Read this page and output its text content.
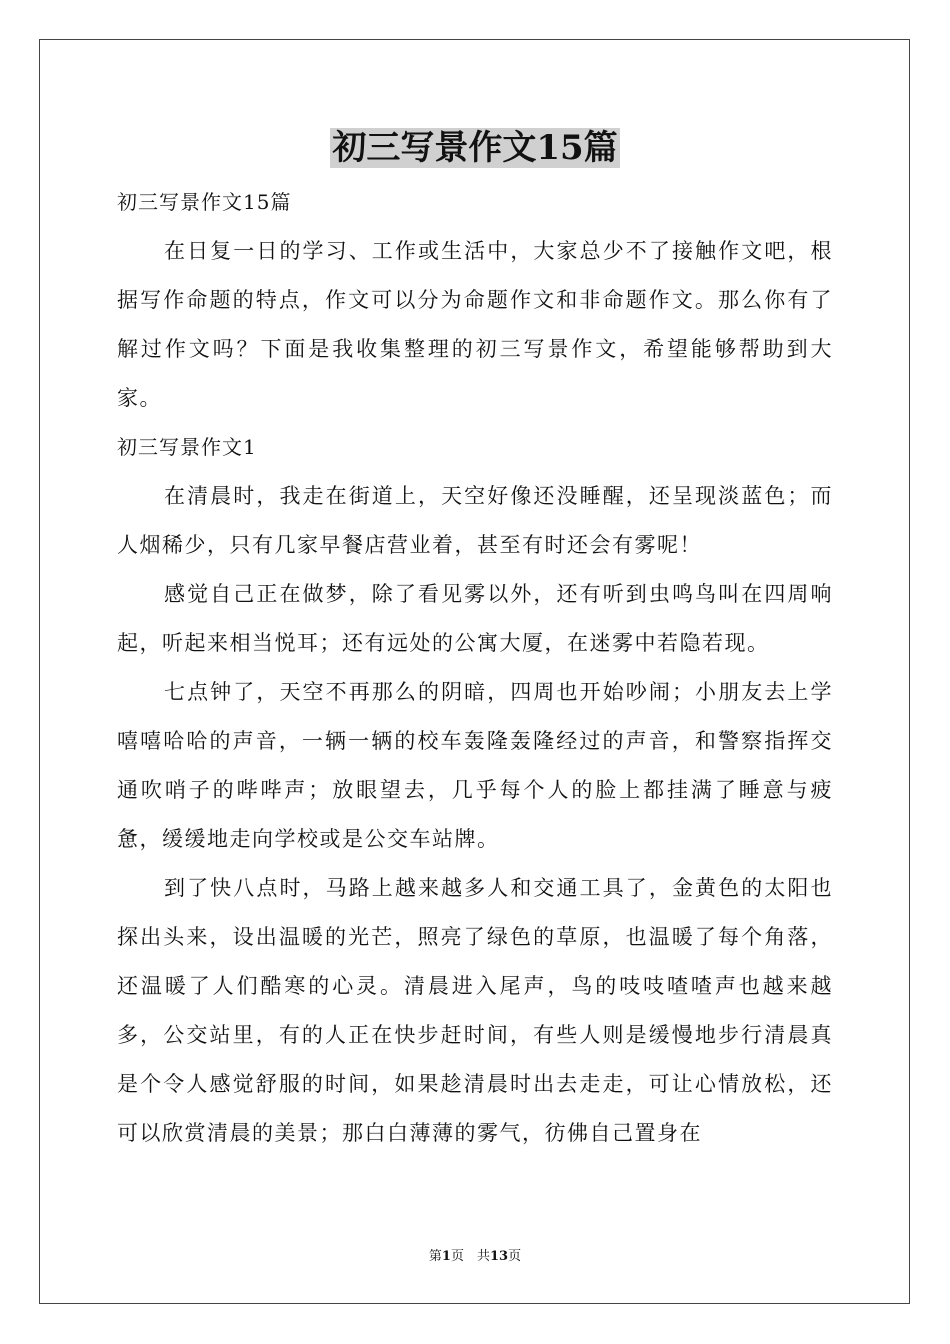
初三写景作文15篇

初三写景作文15篇

在日复一日的学习、工作或生活中，大家总少不了接触作文吧，根据写作命题的特点，作文可以分为命题作文和非命题作文。那么你有了解过作文吗？下面是我收集整理的初三写景作文，希望能够帮助到大家。

初三写景作文1

在清晨时，我走在街道上，天空好像还没睡醒，还呈现淡蓝色；而人烟稀少，只有几家早餐店营业着，甚至有时还会有雾呢！

感觉自己正在做梦，除了看见雾以外，还有听到虫鸣鸟叫在四周响起，听起来相当悦耳；还有远处的公寓大厦，在迷雾中若隐若现。

七点钟了，天空不再那么的阴暗，四周也开始吵闹；小朋友去上学嘻嘻哈哈的声音，一辆一辆的校车轰隆轰隆经过的声音，和警察指挥交通吹哨子的哔哔声；放眼望去，几乎每个人的脸上都挂满了睡意与疲惫，缓缓地走向学校或是公交车站牌。

到了快八点时，马路上越来越多人和交通工具了，金黄色的太阳也探出头来，设出温暖的光芒，照亮了绿色的草原，也温暖了每个角落，还温暖了人们酷寒的心灵。清晨进入尾声，鸟的吱吱喳喳声也越来越多，公交站里，有的人正在快步赶时间，有些人则是缓慢地步行清晨真是个令人感觉舒服的时间，如果趁清晨时出去走走，可让心情放松，还可以欣赏清晨的美景；那白白薄薄的雾气，彷佛自己置身在

第1页　共13页
